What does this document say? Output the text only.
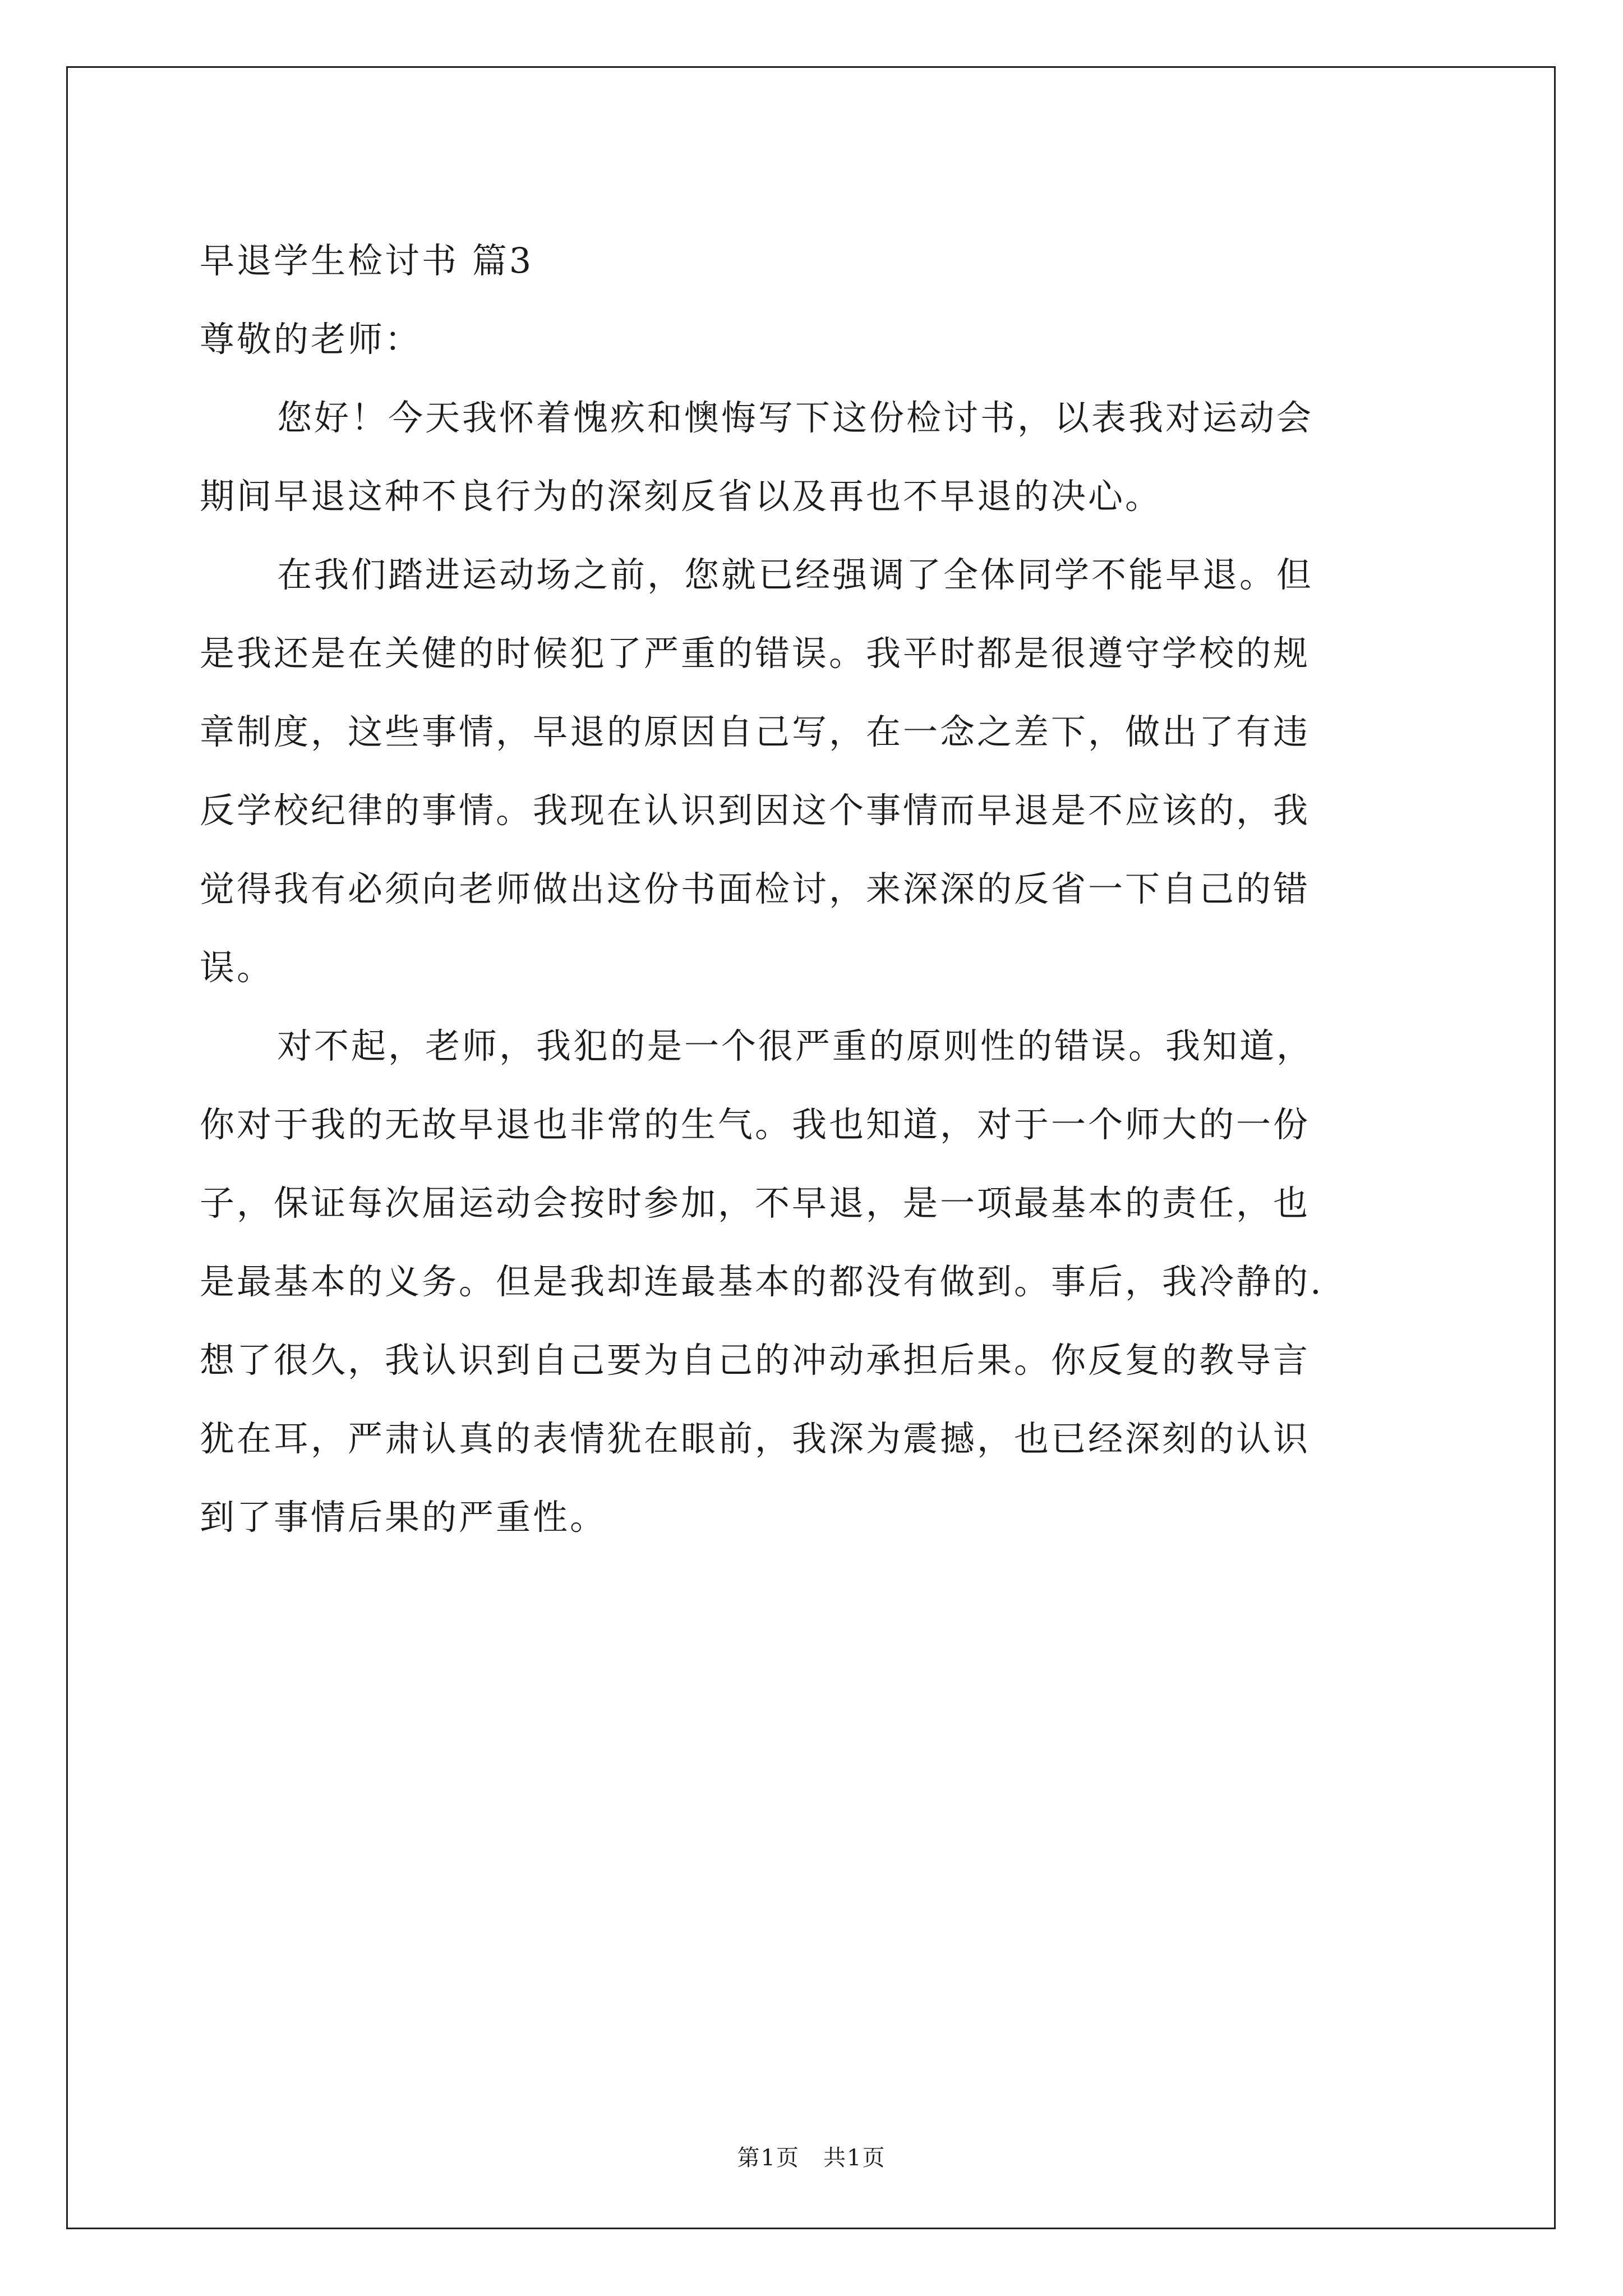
早退学生检讨书 篇3
尊敬的老师：
您好！今天我怀着愧疚和懊悔写下这份检讨书，以表我对运动会
期间早退这种不良行为的深刻反省以及再也不早退的决心。
在我们踏进运动场之前，您就已经强调了全体同学不能早退。但
是我还是在关健的时候犯了严重的错误。我平时都是很遵守学校的规
章制度，这些事情，早退的原因自己写，在一念之差下，做出了有违
反学校纪律的事情。我现在认识到因这个事情而早退是不应该的，我
觉得我有必须向老师做出这份书面检讨，来深深的反省一下自己的错
误。
对不起，老师，我犯的是一个很严重的原则性的错误。我知道，
你对于我的无故早退也非常的生气。我也知道，对于一个师大的一份
子，保证每次届运动会按时参加，不早退，是一项最基本的责任，也
是最基本的义务。但是我却连最基本的都没有做到。事后，我冷静的.
想了很久，我认识到自己要为自己的冲动承担后果。你反复的教导言
犹在耳，严肃认真的表情犹在眼前，我深为震撼，也已经深刻的认识
到了事情后果的严重性。
第1页　共1页
